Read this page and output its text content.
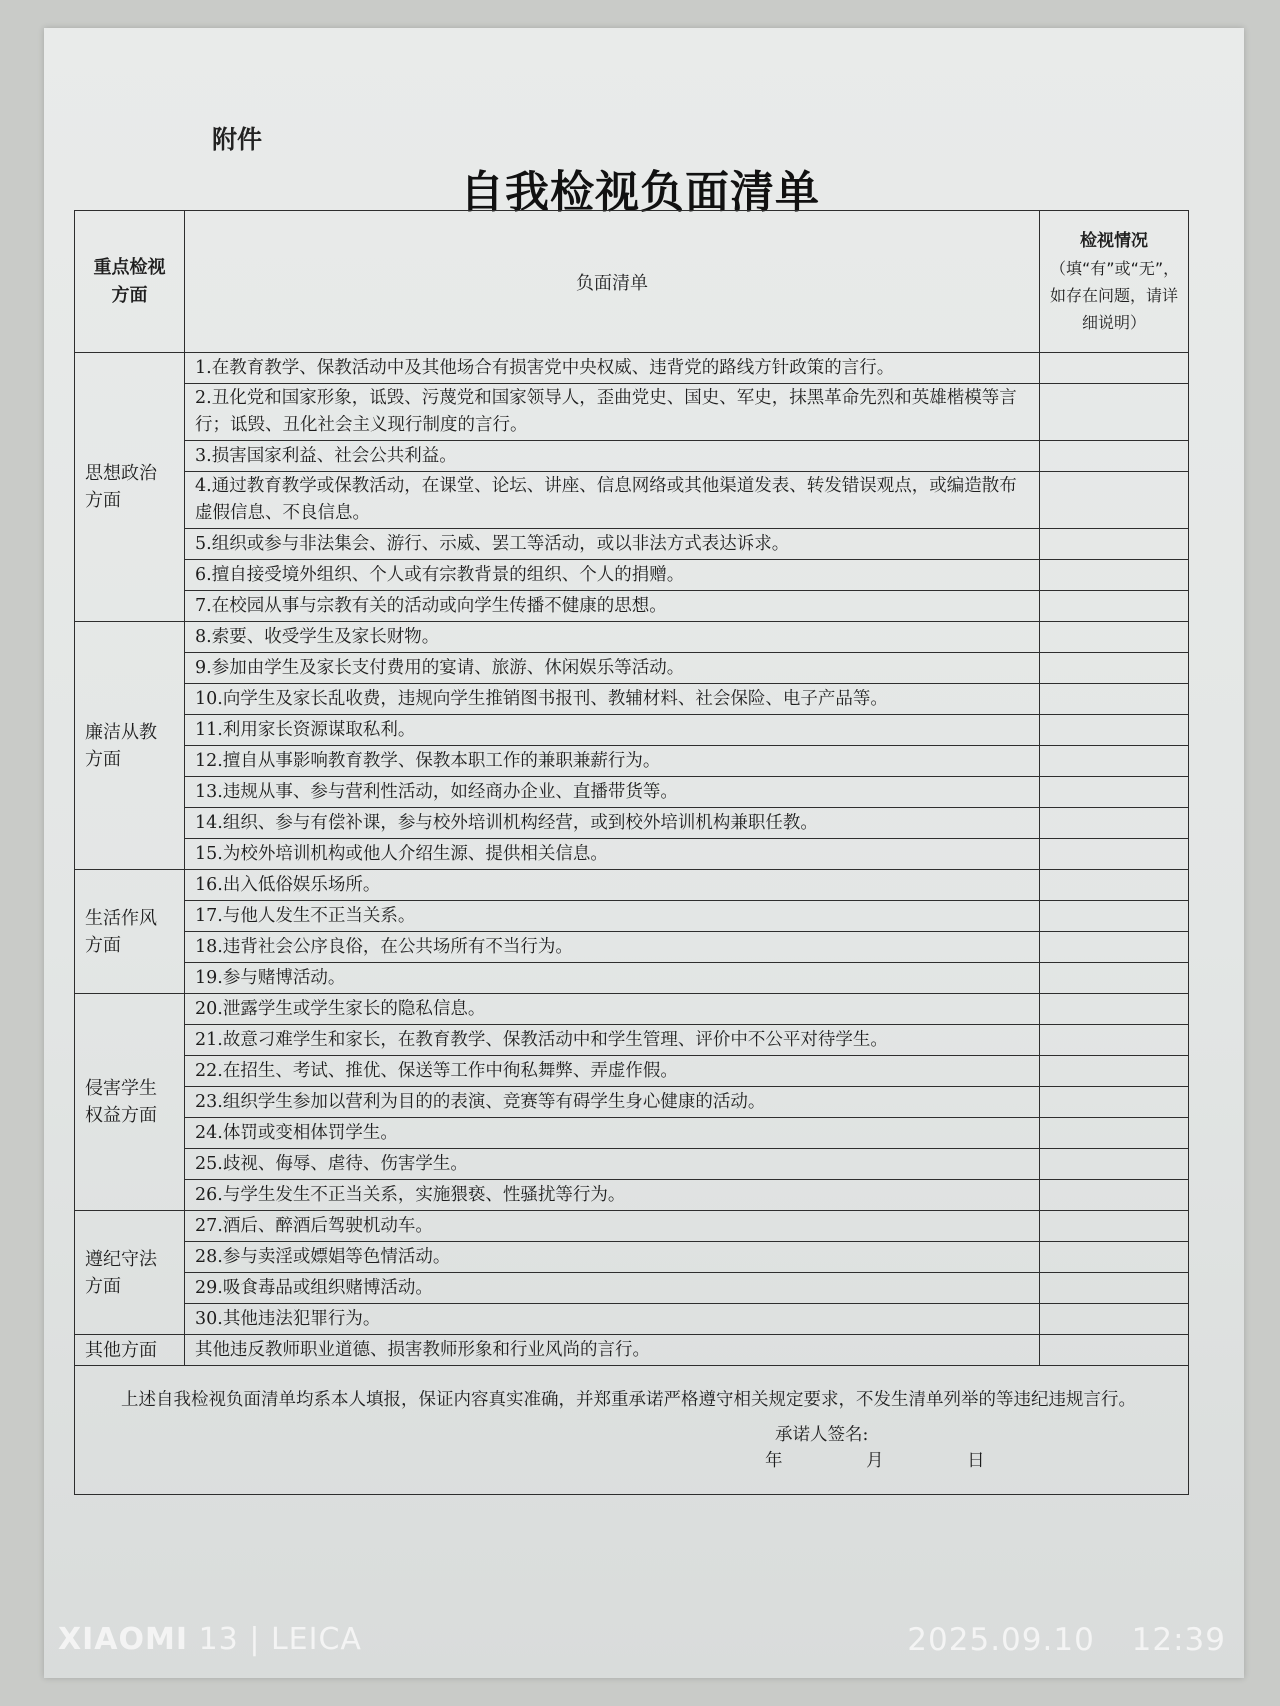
附件
自我检视负面清单
重点检视方面	负面清单	检视情况
（填“有”或“无”，如存在问题，请详细说明）

思想政治方面	1.在教育教学、保教活动中及其他场合有损害党中央权威、违背党的路线方针政策的言行。	
	2.丑化党和国家形象，诋毁、污蔑党和国家领导人，歪曲党史、国史、军史，抹黑革命先烈和英雄楷模等言行；诋毁、丑化社会主义现行制度的言行。	
	3.损害国家利益、社会公共利益。	
	4.通过教育教学或保教活动，在课堂、论坛、讲座、信息网络或其他渠道发表、转发错误观点，或编造散布虚假信息、不良信息。	
	5.组织或参与非法集会、游行、示威、罢工等活动，或以非法方式表达诉求。	
	6.擅自接受境外组织、个人或有宗教背景的组织、个人的捐赠。	
	7.在校园从事与宗教有关的活动或向学生传播不健康的思想。	
廉洁从教方面	8.索要、收受学生及家长财物。	
	9.参加由学生及家长支付费用的宴请、旅游、休闲娱乐等活动。	
	10.向学生及家长乱收费，违规向学生推销图书报刊、教辅材料、社会保险、电子产品等。	
	11.利用家长资源谋取私利。	
	12.擅自从事影响教育教学、保教本职工作的兼职兼薪行为。	
	13.违规从事、参与营利性活动，如经商办企业、直播带货等。	
	14.组织、参与有偿补课，参与校外培训机构经营，或到校外培训机构兼职任教。	
	15.为校外培训机构或他人介绍生源、提供相关信息。	
生活作风方面	16.出入低俗娱乐场所。	
	17.与他人发生不正当关系。	
	18.违背社会公序良俗，在公共场所有不当行为。	
	19.参与赌博活动。	
侵害学生权益方面	20.泄露学生或学生家长的隐私信息。	
	21.故意刁难学生和家长，在教育教学、保教活动中和学生管理、评价中不公平对待学生。	
	22.在招生、考试、推优、保送等工作中徇私舞弊、弄虚作假。	
	23.组织学生参加以营利为目的的表演、竞赛等有碍学生身心健康的活动。	
	24.体罚或变相体罚学生。	
	25.歧视、侮辱、虐待、伤害学生。	
	26.与学生发生不正当关系，实施猥亵、性骚扰等行为。	
遵纪守法方面	27.酒后、醉酒后驾驶机动车。	
	28.参与卖淫或嫖娼等色情活动。	
	29.吸食毒品或组织赌博活动。	
	30.其他违法犯罪行为。	
其他方面	其他违反教师职业道德、损害教师形象和行业风尚的言行。	

上述自我检视负面清单均系本人填报，保证内容真实准确，并郑重承诺严格遵守相关规定要求，不发生清单列举的等违纪违规言行。
承诺人签名:
年 月 日		
XIAOMI 13 | LEICA	2025.09.10 12:39
